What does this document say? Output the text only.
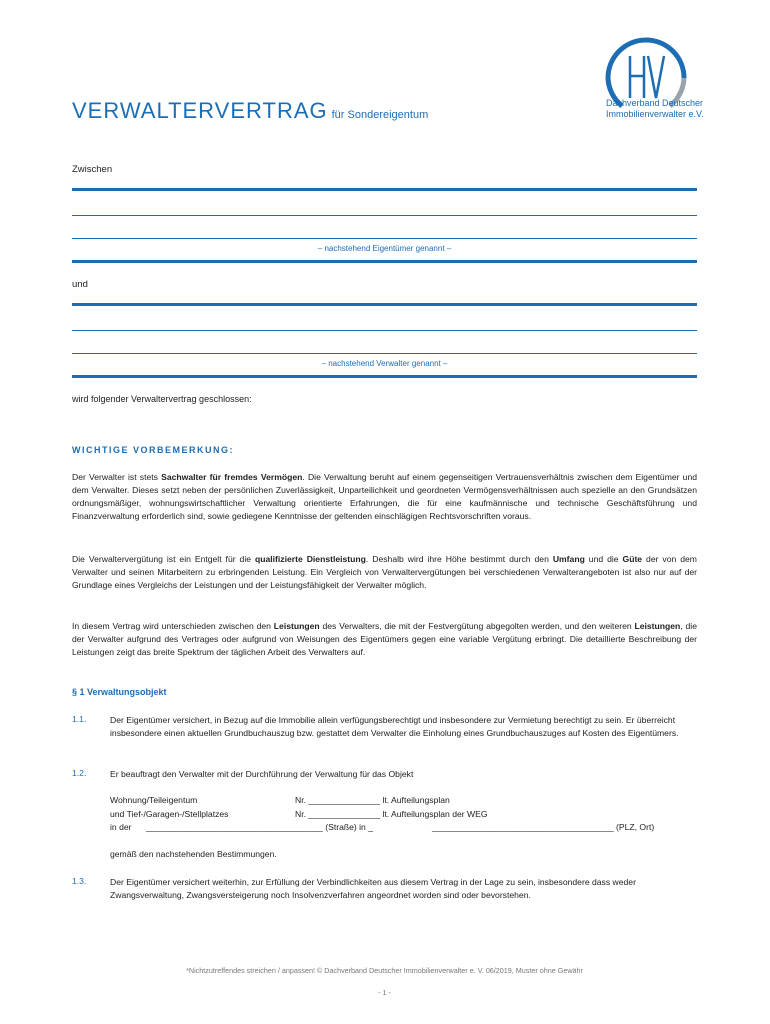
VERWALTERVERTRAG für Sondereigentum
HV
Dachverband Deutscher
Immobilienverwalter e.V.
Zwischen
– nachstehend Eigentümer genannt –
und
– nachstehend Verwalter genannt –
wird folgender Verwaltervertrag geschlossen:
WICHTIGE VORBEMERKUNG:
Der Verwalter ist stets Sachwalter für fremdes Vermögen. Die Verwaltung beruht auf einem gegenseitigen Vertrauensverhältnis zwischen dem Eigentümer und dem Verwalter. Dieses setzt neben der persönlichen Zuverlässigkeit, Unparteilichkeit und geordneten Vermögensverhältnissen auch spezielle an den Grundsätzen ordnungsmäßiger, wohnungswirtschaftlicher Verwaltung orientierte Erfahrungen, die für eine kaufmännische und technische Geschäftsführung und Finanzverwaltung erforderlich sind, sowie gediegene Kenntnisse der geltenden einschlägigen Rechtsvorschriften voraus.
Die Verwaltervergütung ist ein Entgelt für die qualifizierte Dienstleistung. Deshalb wird ihre Höhe bestimmt durch den Umfang und die Güte der von dem Verwalter und seinen Mitarbeitern zu erbringenden Leistung. Ein Vergleich von Verwaltervergütungen bei verschiedenen Verwalterangeboten ist also nur auf der Grundlage eines Vergleichs der Leistungen und der Leistungsfähigkeit der Verwalter möglich.
In diesem Vertrag wird unterschieden zwischen den Leistungen des Verwalters, die mit der Festvergütung abgegolten werden, und den weiteren Leistungen, die der Verwalter aufgrund des Vertrages oder aufgrund von Weisungen des Eigentümers gegen eine variable Vergütung erbringt. Die detaillierte Beschreibung der Leistungen zeigt das breite Spektrum der täglichen Arbeit des Verwalters auf.
§ 1 Verwaltungsobjekt
1.1.	Der Eigentümer versichert, in Bezug auf die Immobilie allein verfügungsberechtigt und insbesondere zur Vermietung berechtigt zu sein. Er überreicht insbesondere einen aktuellen Grundbuchauszug bzw. gestattet dem Verwalter die Einholung eines Grundbuchauszuges auf Kosten des Eigentümers.
1.2.	Er beauftragt den Verwalter mit der Durchführung der Verwaltung für das Objekt
Wohnung/Teileigentum	Nr. _______________ lt. Aufteilungsplan
und Tief-/Garagen-/Stellplatzes	Nr. _______________ lt. Aufteilungsplan der WEG
in der _____________________________________ (Straße) in _	______________________________________ (PLZ, Ort)
gemäß den nachstehenden Bestimmungen.
1.3.	Der Eigentümer versichert weiterhin, zur Erfüllung der Verbindlichkeiten aus diesem Vertrag in der Lage zu sein, insbesondere dass weder Zwangsverwaltung, Zwangsversteigerung noch Insolvenzverfahren angeordnet worden sind oder bevorstehen.
*Nichtzutreffendes streichen / anpassen! © Dachverband Deutscher Immobilienverwalter e. V. 06/2019, Muster ohne Gewähr
- 1 -
